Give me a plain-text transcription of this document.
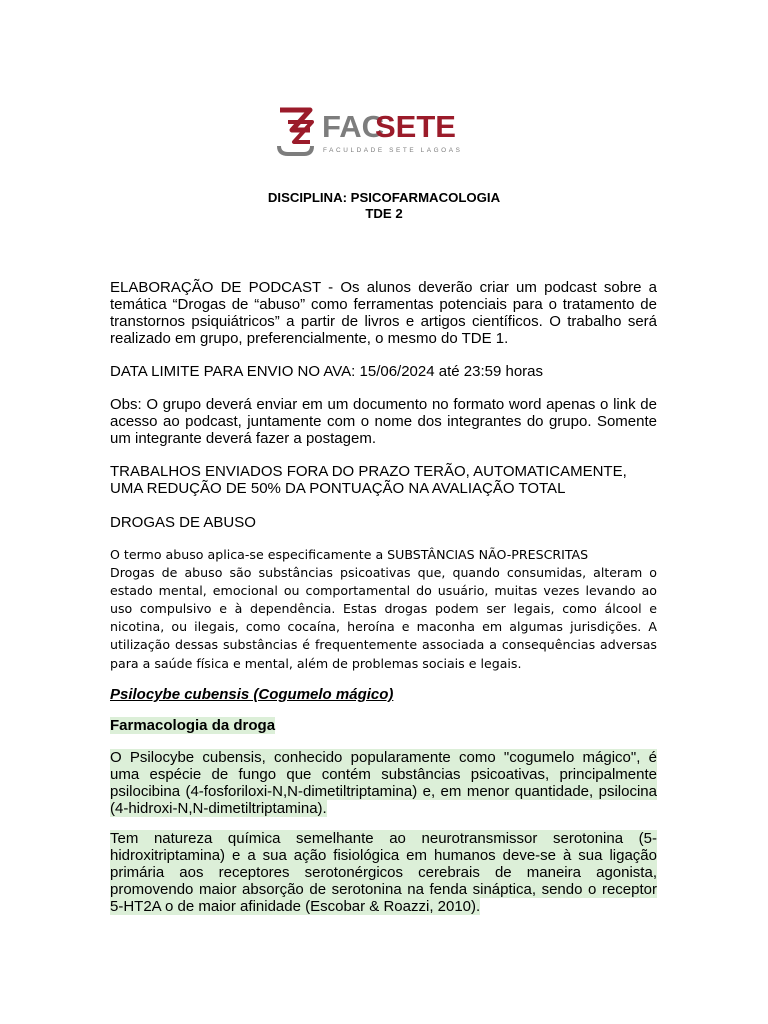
FAC
SETE
FACULDADE SETE LAGOAS
DISCIPLINA: PSICOFARMACOLOGIA
TDE 2
ELABORAÇÃO DE PODCAST - Os alunos deverão criar um podcast sobre a temática “Drogas de “abuso” como ferramentas potenciais para o tratamento de transtornos psiquiátricos” a partir de livros e artigos científicos. O trabalho será realizado em grupo, preferencialmente, o mesmo do TDE 1.
DATA LIMITE PARA ENVIO NO AVA: 15/06/2024 até 23:59 horas
Obs: O grupo deverá enviar em um documento no formato word apenas o link de acesso ao podcast, juntamente com o nome dos integrantes do grupo. Somente um integrante deverá fazer a postagem.
TRABALHOS ENVIADOS FORA DO PRAZO TERÃO, AUTOMATICAMENTE, UMA REDUÇÃO DE 50% DA PONTUAÇÃO NA AVALIAÇÃO TOTAL
DROGAS DE ABUSO

O termo abuso aplica-se especificamente a SUBSTÂNCIAS NÃO-PRESCRITAS

Drogas de abuso são substâncias psicoativas que, quando consumidas, alteram o estado mental, emocional ou comportamental do usuário, muitas vezes levando ao uso compulsivo e à dependência. Estas drogas podem ser legais, como álcool e nicotina, ou ilegais, como cocaína, heroína e maconha em algumas jurisdições. A utilização dessas substâncias é frequentemente associada a consequências adversas para a saúde física e mental, além de problemas sociais e legais.

Psilocybe cubensis (Cogumelo mágico)
Farmacologia da droga
O Psilocybe cubensis, conhecido popularamente como "cogumelo mágico", é uma espécie de fungo que contém substâncias psicoativas, principalmente psilocibina (4-fosforiloxi-N,N-dimetiltriptamina) e, em menor quantidade, psilocina (4-hidroxi-N,N-dimetiltriptamina).
Tem natureza química semelhante ao neurotransmissor serotonina (5-hidroxitriptamina) e a sua ação fisiológica em humanos deve-se à sua ligação primária aos receptores serotonérgicos cerebrais de maneira agonista, promovendo maior absorção de serotonina na fenda sináptica, sendo o receptor 5-HT2A o de maior afinidade (Escobar & Roazzi, 2010).
